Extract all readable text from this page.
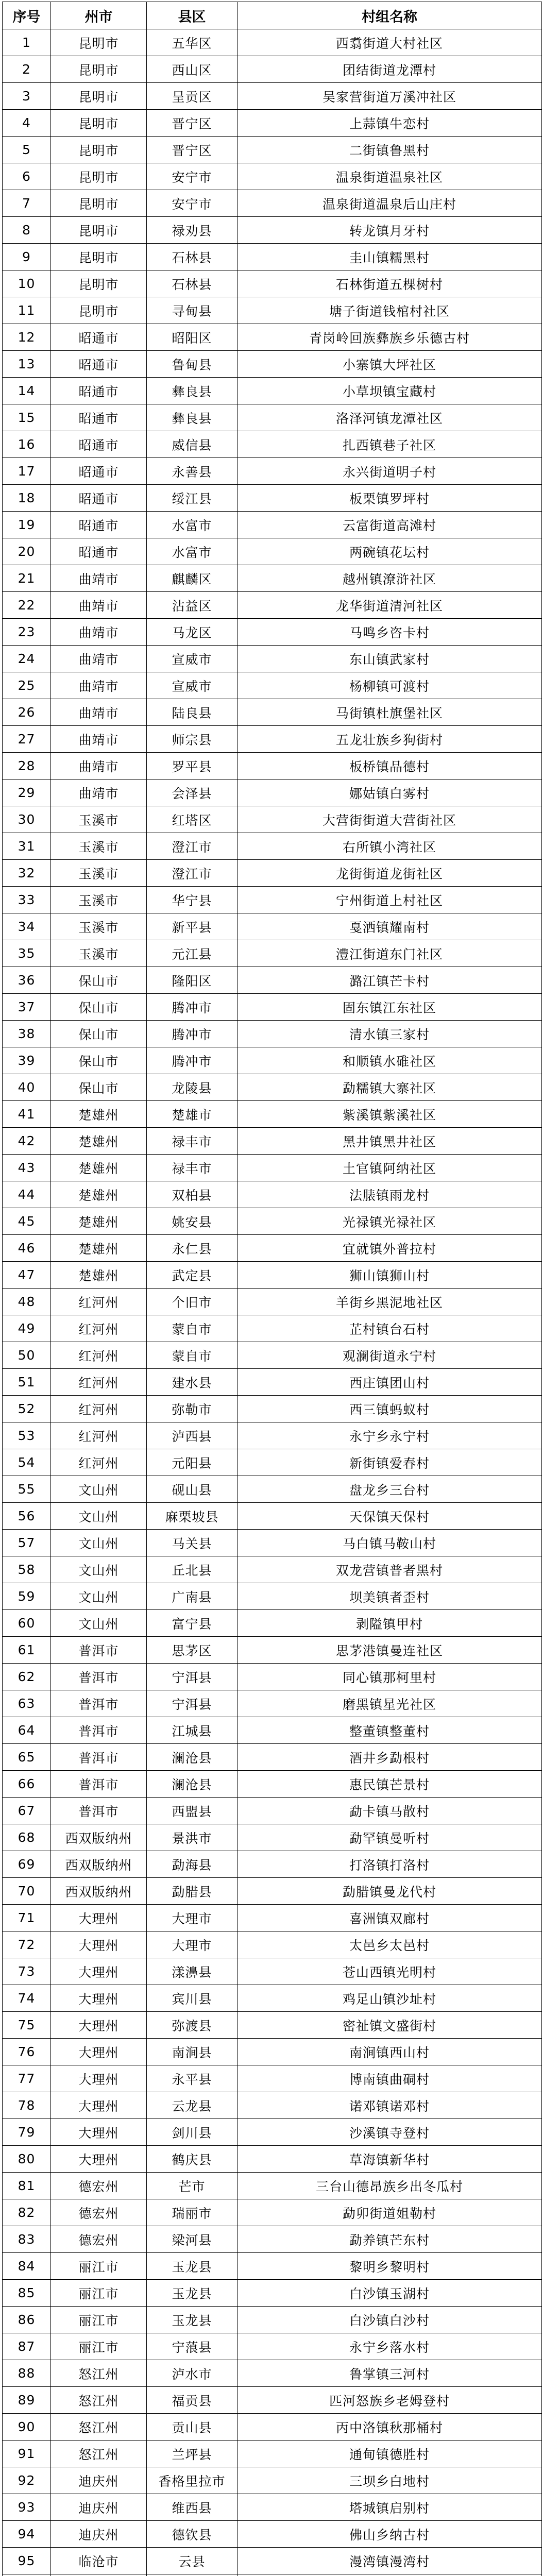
序号	州市	县区	村组名称
1	昆明市	五华区	西翥街道大村社区
2	昆明市	西山区	团结街道龙潭村
3	昆明市	呈贡区	吴家营街道万溪冲社区
4	昆明市	晋宁区	上蒜镇牛恋村
5	昆明市	晋宁区	二街镇鲁黑村
6	昆明市	安宁市	温泉街道温泉社区
7	昆明市	安宁市	温泉街道温泉后山庄村
8	昆明市	禄劝县	转龙镇月牙村
9	昆明市	石林县	圭山镇糯黑村
10	昆明市	石林县	石林街道五棵树村
11	昆明市	寻甸县	塘子街道钱棺村社区
12	昭通市	昭阳区	青岗岭回族彝族乡乐德古村
13	昭通市	鲁甸县	小寨镇大坪社区
14	昭通市	彝良县	小草坝镇宝藏村
15	昭通市	彝良县	洛泽河镇龙潭社区
16	昭通市	威信县	扎西镇巷子社区
17	昭通市	永善县	永兴街道明子村
18	昭通市	绥江县	板栗镇罗坪村
19	昭通市	水富市	云富街道高滩村
20	昭通市	水富市	两碗镇花坛村
21	曲靖市	麒麟区	越州镇潦浒社区
22	曲靖市	沾益区	龙华街道清河社区
23	曲靖市	马龙区	马鸣乡咨卡村
24	曲靖市	宣威市	东山镇武家村
25	曲靖市	宣威市	杨柳镇可渡村
26	曲靖市	陆良县	马街镇杜旗堡社区
27	曲靖市	师宗县	五龙壮族乡狗街村
28	曲靖市	罗平县	板桥镇品德村
29	曲靖市	会泽县	娜姑镇白雾村
30	玉溪市	红塔区	大营街街道大营街社区
31	玉溪市	澄江市	右所镇小湾社区
32	玉溪市	澄江市	龙街街道龙街社区
33	玉溪市	华宁县	宁州街道上村社区
34	玉溪市	新平县	戛洒镇耀南村
35	玉溪市	元江县	澧江街道东门社区
36	保山市	隆阳区	潞江镇芒卡村
37	保山市	腾冲市	固东镇江东社区
38	保山市	腾冲市	清水镇三家村
39	保山市	腾冲市	和顺镇水碓社区
40	保山市	龙陵县	勐糯镇大寨社区
41	楚雄州	楚雄市	紫溪镇紫溪社区
42	楚雄州	禄丰市	黑井镇黑井社区
43	楚雄州	禄丰市	土官镇阿纳社区
44	楚雄州	双柏县	法脿镇雨龙村
45	楚雄州	姚安县	光禄镇光禄社区
46	楚雄州	永仁县	宜就镇外普拉村
47	楚雄州	武定县	狮山镇狮山村
48	红河州	个旧市	羊街乡黑泥地社区
49	红河州	蒙自市	芷村镇台石村
50	红河州	蒙自市	观澜街道永宁村
51	红河州	建水县	西庄镇团山村
52	红河州	弥勒市	西三镇蚂蚁村
53	红河州	泸西县	永宁乡永宁村
54	红河州	元阳县	新街镇爱春村
55	文山州	砚山县	盘龙乡三台村
56	文山州	麻栗坡县	天保镇天保村
57	文山州	马关县	马白镇马鞍山村
58	文山州	丘北县	双龙营镇普者黑村
59	文山州	广南县	坝美镇者歪村
60	文山州	富宁县	剥隘镇甲村
61	普洱市	思茅区	思茅港镇曼连社区
62	普洱市	宁洱县	同心镇那柯里村
63	普洱市	宁洱县	磨黑镇星光社区
64	普洱市	江城县	整董镇整董村
65	普洱市	澜沧县	酒井乡勐根村
66	普洱市	澜沧县	惠民镇芒景村
67	普洱市	西盟县	勐卡镇马散村
68	西双版纳州	景洪市	勐罕镇曼听村
69	西双版纳州	勐海县	打洛镇打洛村
70	西双版纳州	勐腊县	勐腊镇曼龙代村
71	大理州	大理市	喜洲镇双廊村
72	大理州	大理市	太邑乡太邑村
73	大理州	漾濞县	苍山西镇光明村
74	大理州	宾川县	鸡足山镇沙址村
75	大理州	弥渡县	密祉镇文盛街村
76	大理州	南涧县	南涧镇西山村
77	大理州	永平县	博南镇曲硐村
78	大理州	云龙县	诺邓镇诺邓村
79	大理州	剑川县	沙溪镇寺登村
80	大理州	鹤庆县	草海镇新华村
81	德宏州	芒市	三台山德昂族乡出冬瓜村
82	德宏州	瑞丽市	勐卯街道姐勒村
83	德宏州	梁河县	勐养镇芒东村
84	丽江市	玉龙县	黎明乡黎明村
85	丽江市	玉龙县	白沙镇玉湖村
86	丽江市	玉龙县	白沙镇白沙村
87	丽江市	宁蒗县	永宁乡落水村
88	怒江州	泸水市	鲁掌镇三河村
89	怒江州	福贡县	匹河怒族乡老姆登村
90	怒江州	贡山县	丙中洛镇秋那桶村
91	怒江州	兰坪县	通甸镇德胜村
92	迪庆州	香格里拉市	三坝乡白地村
93	迪庆州	维西县	塔城镇启别村
94	迪庆州	德钦县	佛山乡纳古村
95	临沧市	云县	漫湾镇漫湾村
